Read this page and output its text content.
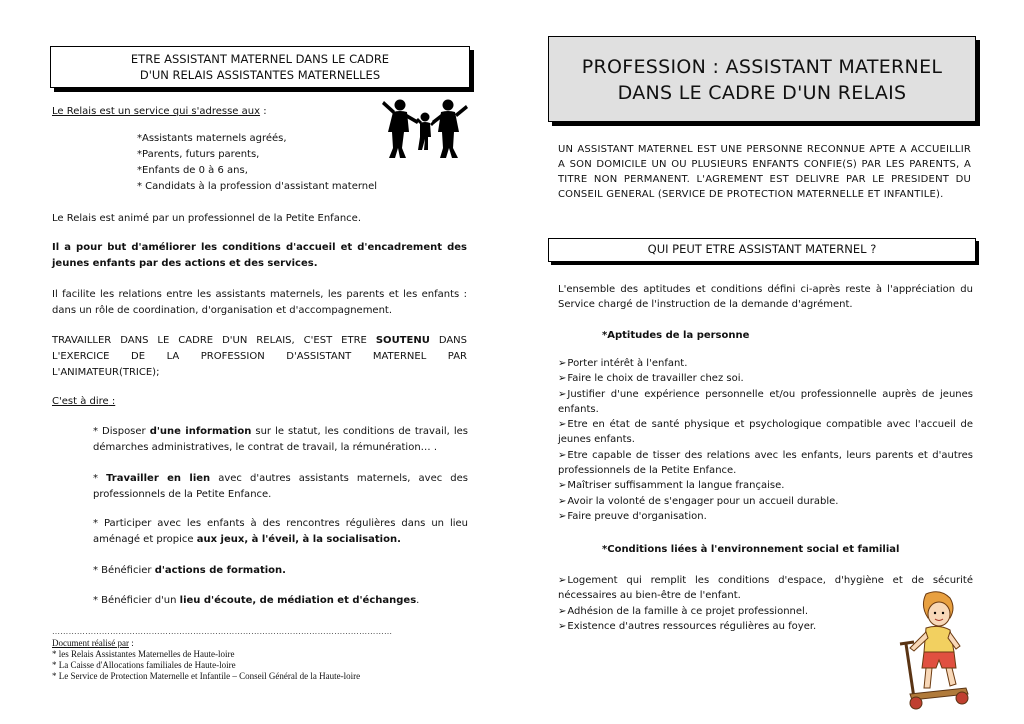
ETRE ASSISTANT MATERNEL DANS LE CADRE
D'UN RELAIS ASSISTANTES MATERNELLES
Le Relais est un service qui s'adresse aux :
*Assistants maternels agréés,
*Parents, futurs parents,
*Enfants de 0 à 6 ans,
* Candidats à la profession d'assistant maternel
Le Relais est animé par un professionnel de la Petite Enfance.
Il a pour but d'améliorer les conditions d'accueil et d'encadrement des jeunes enfants par des actions et des services.
Il facilite les relations entre les assistants maternels, les parents et les enfants : dans un rôle de coordination, d'organisation et d'accompagnement.
TRAVAILLER DANS LE CADRE D'UN RELAIS, C'EST ETRE SOUTENU DANS L'EXERCICE DE LA PROFESSION D'ASSISTANT MATERNEL PAR L'ANIMATEUR(TRICE);
C'est à dire :
* Disposer d'une information sur le statut, les conditions de travail, les démarches administratives, le contrat de travail, la rémunération… .
* Travailler en lien avec d'autres assistants maternels, avec des professionnels de la Petite Enfance.
* Participer avec les enfants à des rencontres régulières dans un lieu aménagé et propice aux jeux, à l'éveil, à la socialisation.
* Bénéficier d'actions de formation.
* Bénéficier d'un lieu d'écoute, de médiation et d'échanges.
……………………………………………………………………………………………………………
Document réalisé par :
* les Relais Assistantes Maternelles de Haute-loire
* La Caisse d'Allocations familiales de Haute-loire
* Le Service de Protection Maternelle et Infantile – Conseil Général de la Haute-loire
PROFESSION : ASSISTANT MATERNEL
DANS LE CADRE D'UN RELAIS
UN ASSISTANT MATERNEL EST UNE PERSONNE RECONNUE APTE A ACCUEILLIR A SON DOMICILE UN OU PLUSIEURS ENFANTS CONFIE(S) PAR LES PARENTS, A TITRE NON PERMANENT. L'AGREMENT EST DELIVRE PAR LE PRESIDENT DU CONSEIL GENERAL (SERVICE DE PROTECTION MATERNELLE ET INFANTILE).
QUI PEUT ETRE ASSISTANT MATERNEL ?
L'ensemble des aptitudes et conditions défini ci-après reste à l'appréciation du Service chargé de l'instruction de la demande d'agrément.
*Aptitudes de la personne
➢ Porter intérêt à l'enfant.
➢ Faire le choix de travailler chez soi.
➢ Justifier d'une expérience personnelle et/ou professionnelle auprès de jeunes enfants.
➢ Etre en état de santé physique et psychologique compatible avec l'accueil de jeunes enfants.
➢ Etre capable de tisser des relations avec les enfants, leurs parents et d'autres professionnels de la Petite Enfance.
➢ Maîtriser suffisamment la langue française.
➢ Avoir la volonté de s'engager pour un accueil durable.
➢ Faire preuve d'organisation.
*Conditions liées à l'environnement social et familial
➢ Logement qui remplit les conditions d'espace, d'hygiène et de sécurité nécessaires au bien-être de l'enfant.
➢ Adhésion de la famille à ce projet professionnel.
➢ Existence d'autres ressources régulières au foyer.
